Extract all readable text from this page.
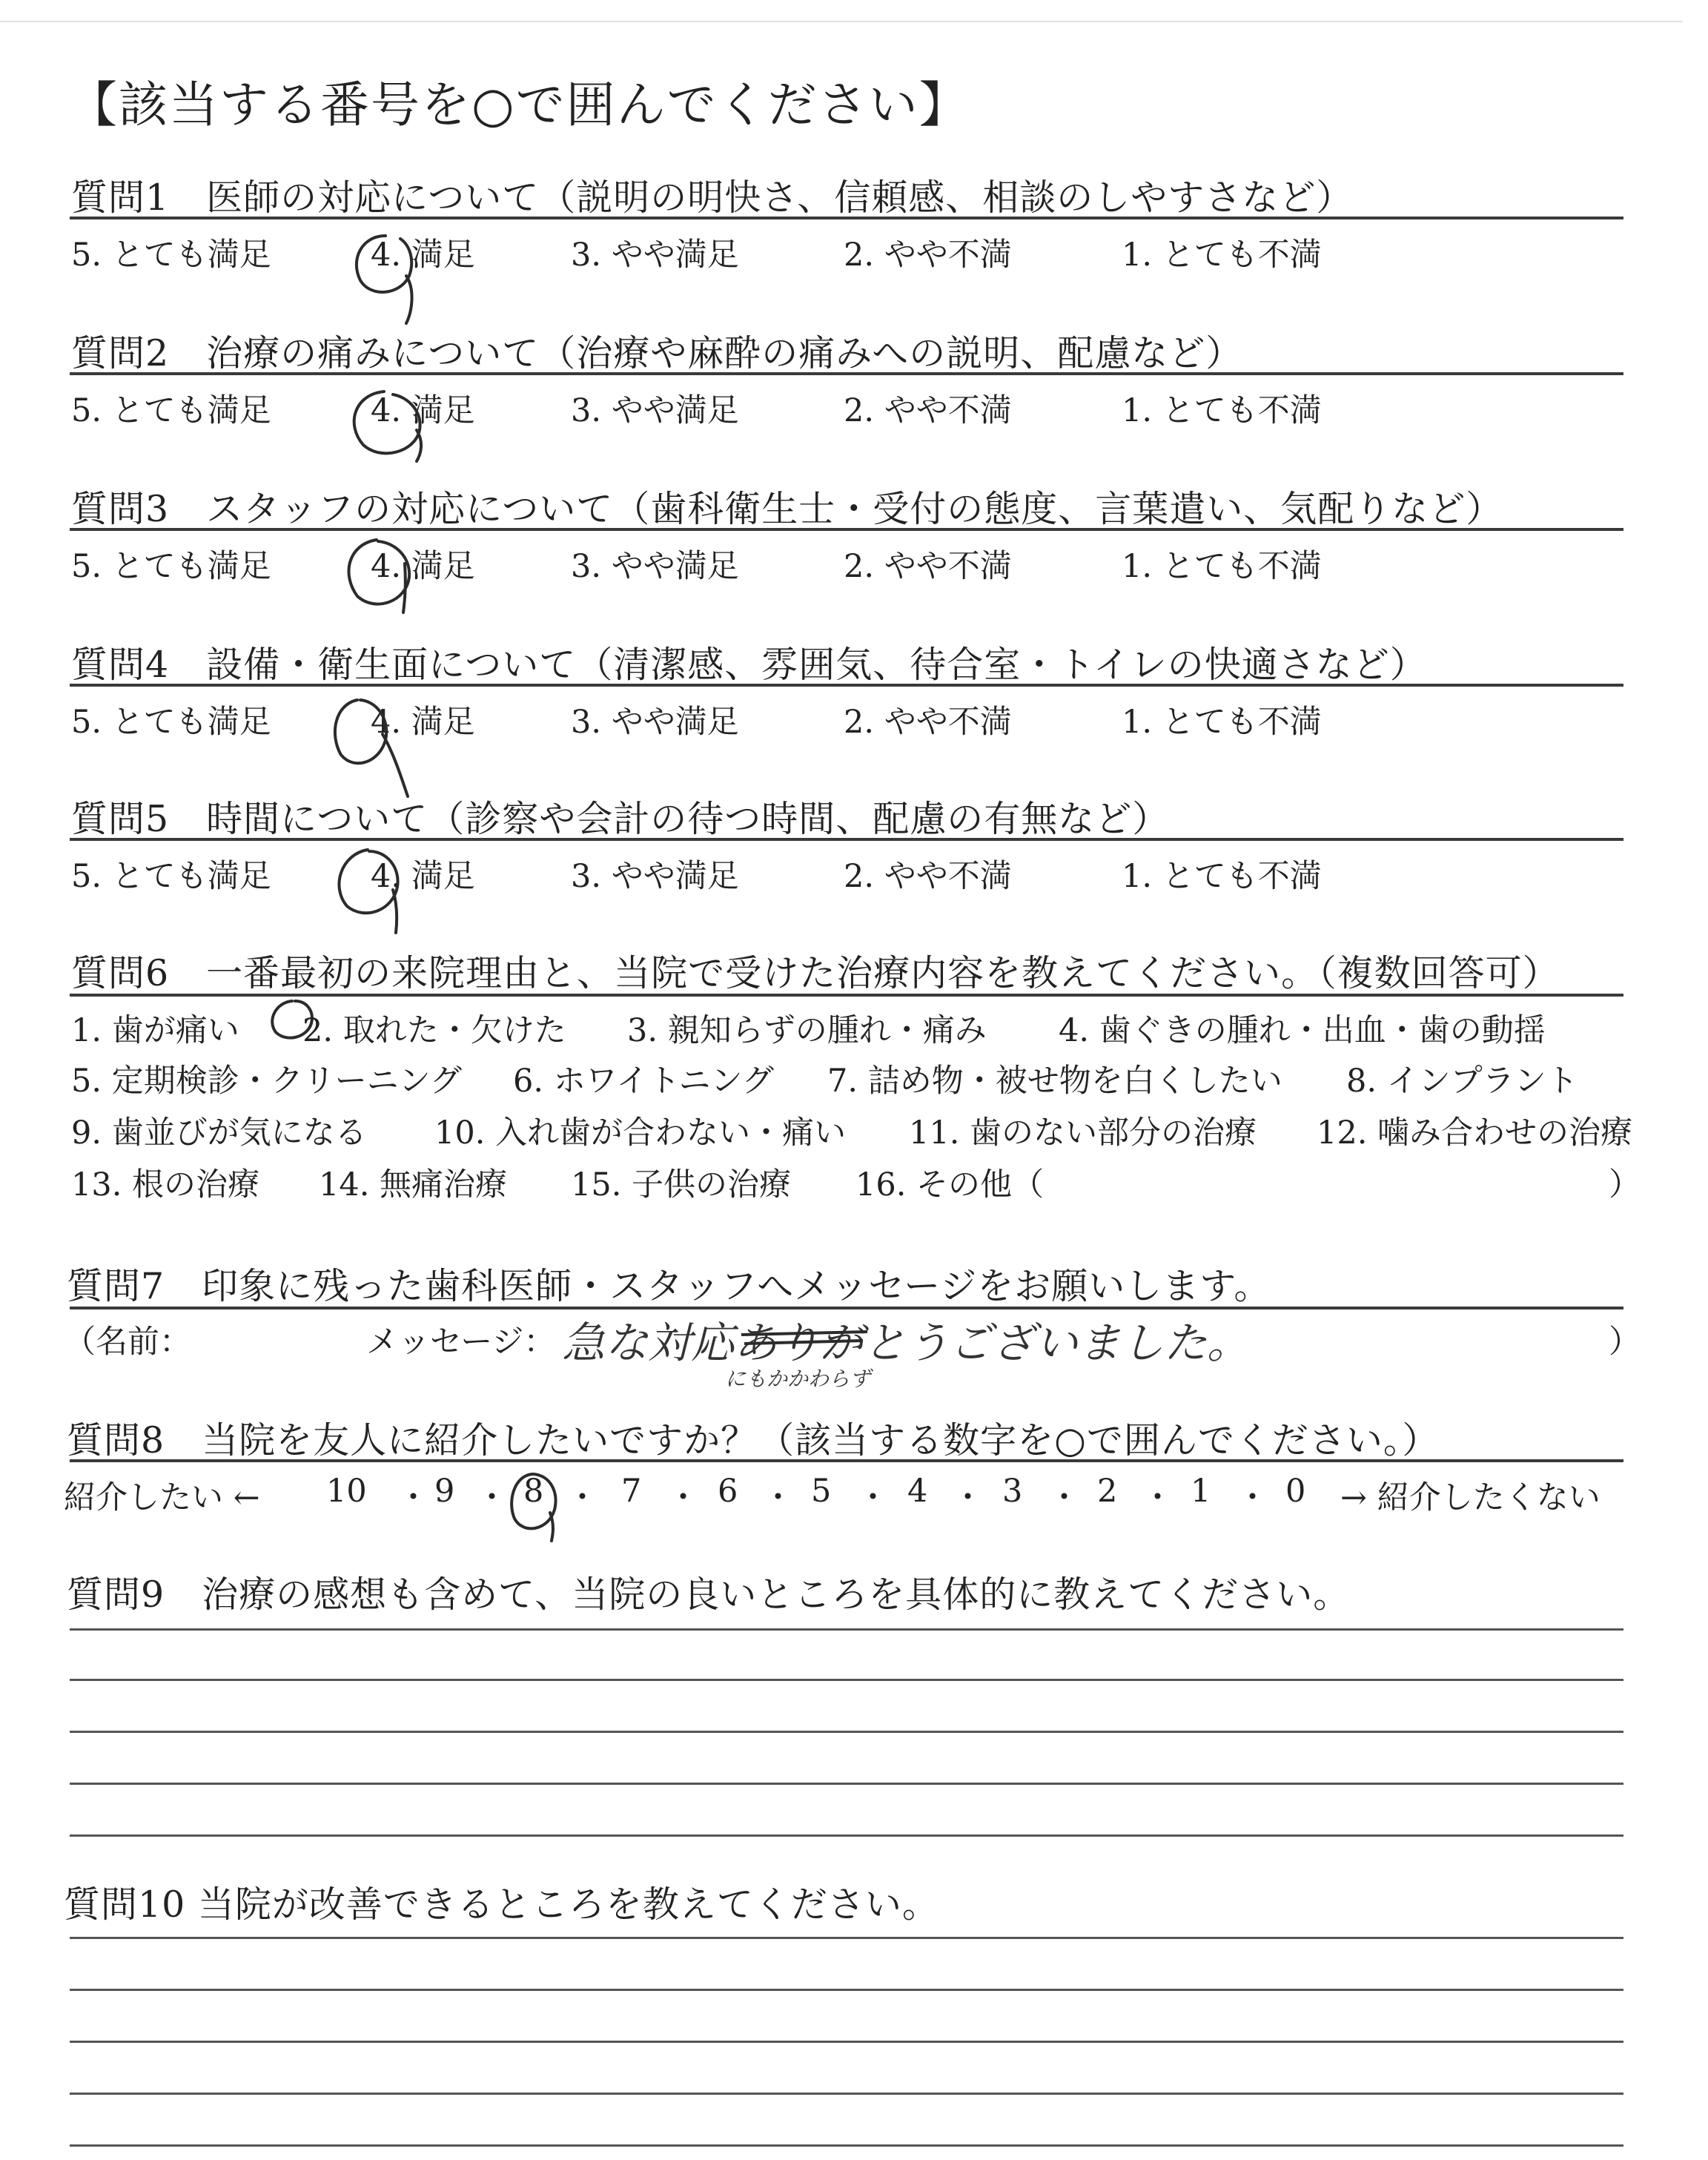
【該当する番号を○で囲んでください】
質問1　医師の対応について（説明の明快さ、信頼感、相談のしやすさなど）
5. とても満足	4. 満足	3. やや満足	2. やや不満	1. とても不満
質問2　治療の痛みについて（治療や麻酔の痛みへの説明、配慮など）
5. とても満足	4. 満足	3. やや満足	2. やや不満	1. とても不満
質問3　スタッフの対応について（歯科衛生士・受付の態度、言葉遣い、気配りなど）
5. とても満足	4. 満足	3. やや満足	2. やや不満	1. とても不満
質問4　設備・衛生面について（清潔感、雰囲気、待合室・トイレの快適さなど）
5. とても満足	4. 満足	3. やや満足	2. やや不満	1. とても不満
質問5　時間について（診察や会計の待つ時間、配慮の有無など）
5. とても満足	4. 満足	3. やや満足	2. やや不満	1. とても不満
質問6　一番最初の来院理由と、当院で受けた治療内容を教えてください。（複数回答可）
1. 歯が痛い 2. 取れた・欠けた 3. 親知らずの腫れ・痛み 4. 歯ぐきの腫れ・出血・歯の動揺
5. 定期検診・クリーニング 6. ホワイトニング 7. 詰め物・被せ物を白くしたい 8. インプラント
9. 歯並びが気になる 10. 入れ歯が合わない・痛い 11. 歯のない部分の治療 12. 噛み合わせの治療
13. 根の治療 14. 無痛治療 15. 子供の治療 16. その他（	）
質問7　印象に残った歯科医師・スタッフへメッセージをお願いします。
（名前：	メッセージ：	）
急な対応ありがとうございました。
にもかかわらず
質問8　当院を友人に紹介したいですか？（該当する数字を○で囲んでください。）
紹介したい ← 10 ・ 9 ・ 8 ・ 7 ・ 6 ・ 5 ・ 4 ・ 3 ・ 2 ・ 1 ・ 0 → 紹介したくない
質問9　治療の感想も含めて、当院の良いところを具体的に教えてください。
質問10 当院が改善できるところを教えてください。
